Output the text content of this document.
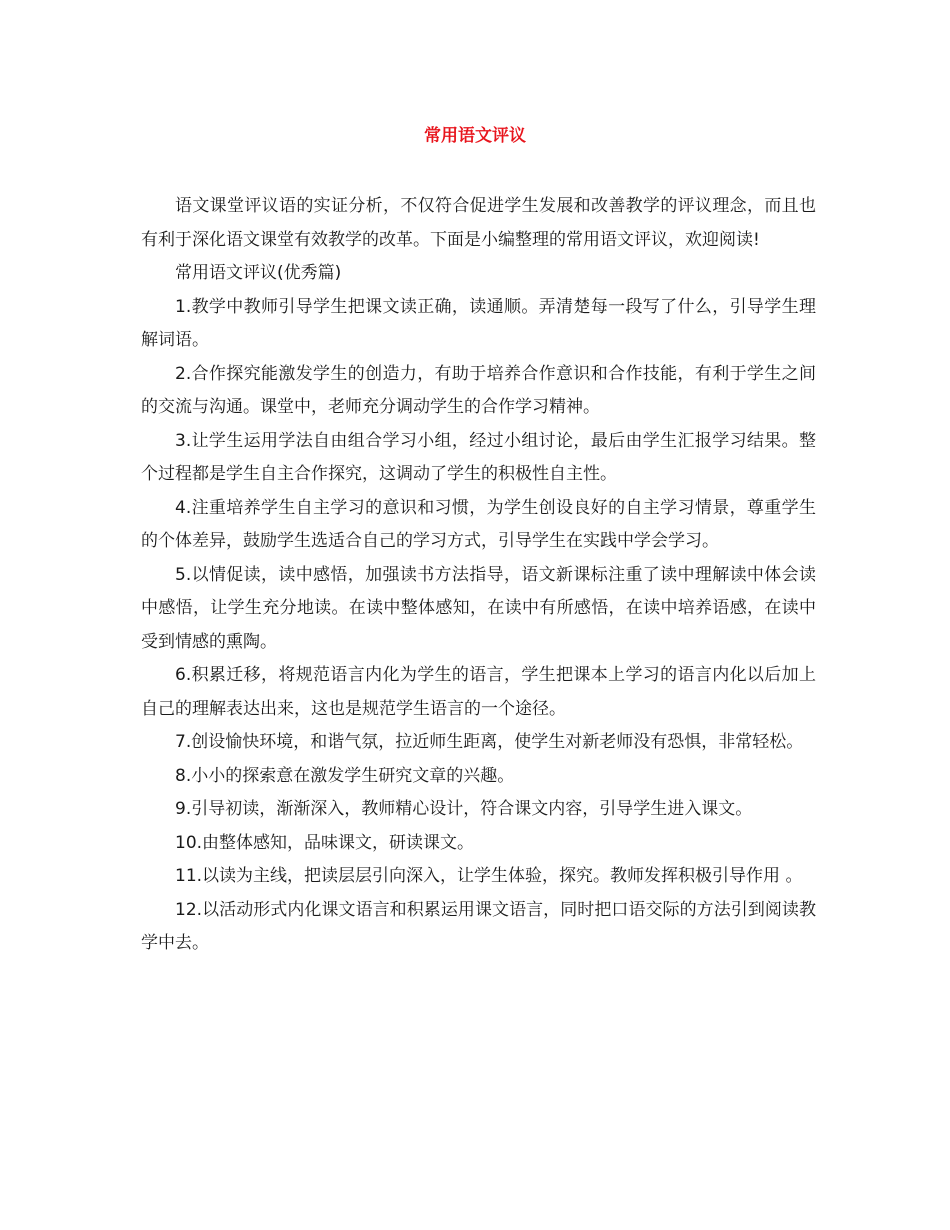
常用语文评议

语文课堂评议语的实证分析，不仅符合促进学生发展和改善教学的评议理念，而且也有利于深化语文课堂有效教学的改革。下面是小编整理的常用语文评议，欢迎阅读!

常用语文评议(优秀篇)

1.教学中教师引导学生把课文读正确，读通顺。弄清楚每一段写了什么，引导学生理解词语。

2.合作探究能激发学生的创造力，有助于培养合作意识和合作技能，有利于学生之间的交流与沟通。课堂中，老师充分调动学生的合作学习精神。

3.让学生运用学法自由组合学习小组，经过小组讨论，最后由学生汇报学习结果。整个过程都是学生自主合作探究，这调动了学生的积极性自主性。

4.注重培养学生自主学习的意识和习惯，为学生创设良好的自主学习情景，尊重学生的个体差异，鼓励学生选适合自己的学习方式，引导学生在实践中学会学习。

5.以情促读，读中感悟，加强读书方法指导，语文新课标注重了读中理解读中体会读中感悟，让学生充分地读。在读中整体感知，在读中有所感悟，在读中培养语感，在读中受到情感的熏陶。

6.积累迁移，将规范语言内化为学生的语言，学生把课本上学习的语言内化以后加上自己的理解表达出来，这也是规范学生语言的一个途径。

7.创设愉快环境，和谐气氛，拉近师生距离，使学生对新老师没有恐惧，非常轻松。

8.小小的探索意在激发学生研究文章的兴趣。

9.引导初读，渐渐深入，教师精心设计，符合课文内容，引导学生进入课文。

10.由整体感知，品味课文，研读课文。

11.以读为主线，把读层层引向深入，让学生体验，探究。教师发挥积极引导作用 。

12.以活动形式内化课文语言和积累运用课文语言，同时把口语交际的方法引到阅读教学中去。
